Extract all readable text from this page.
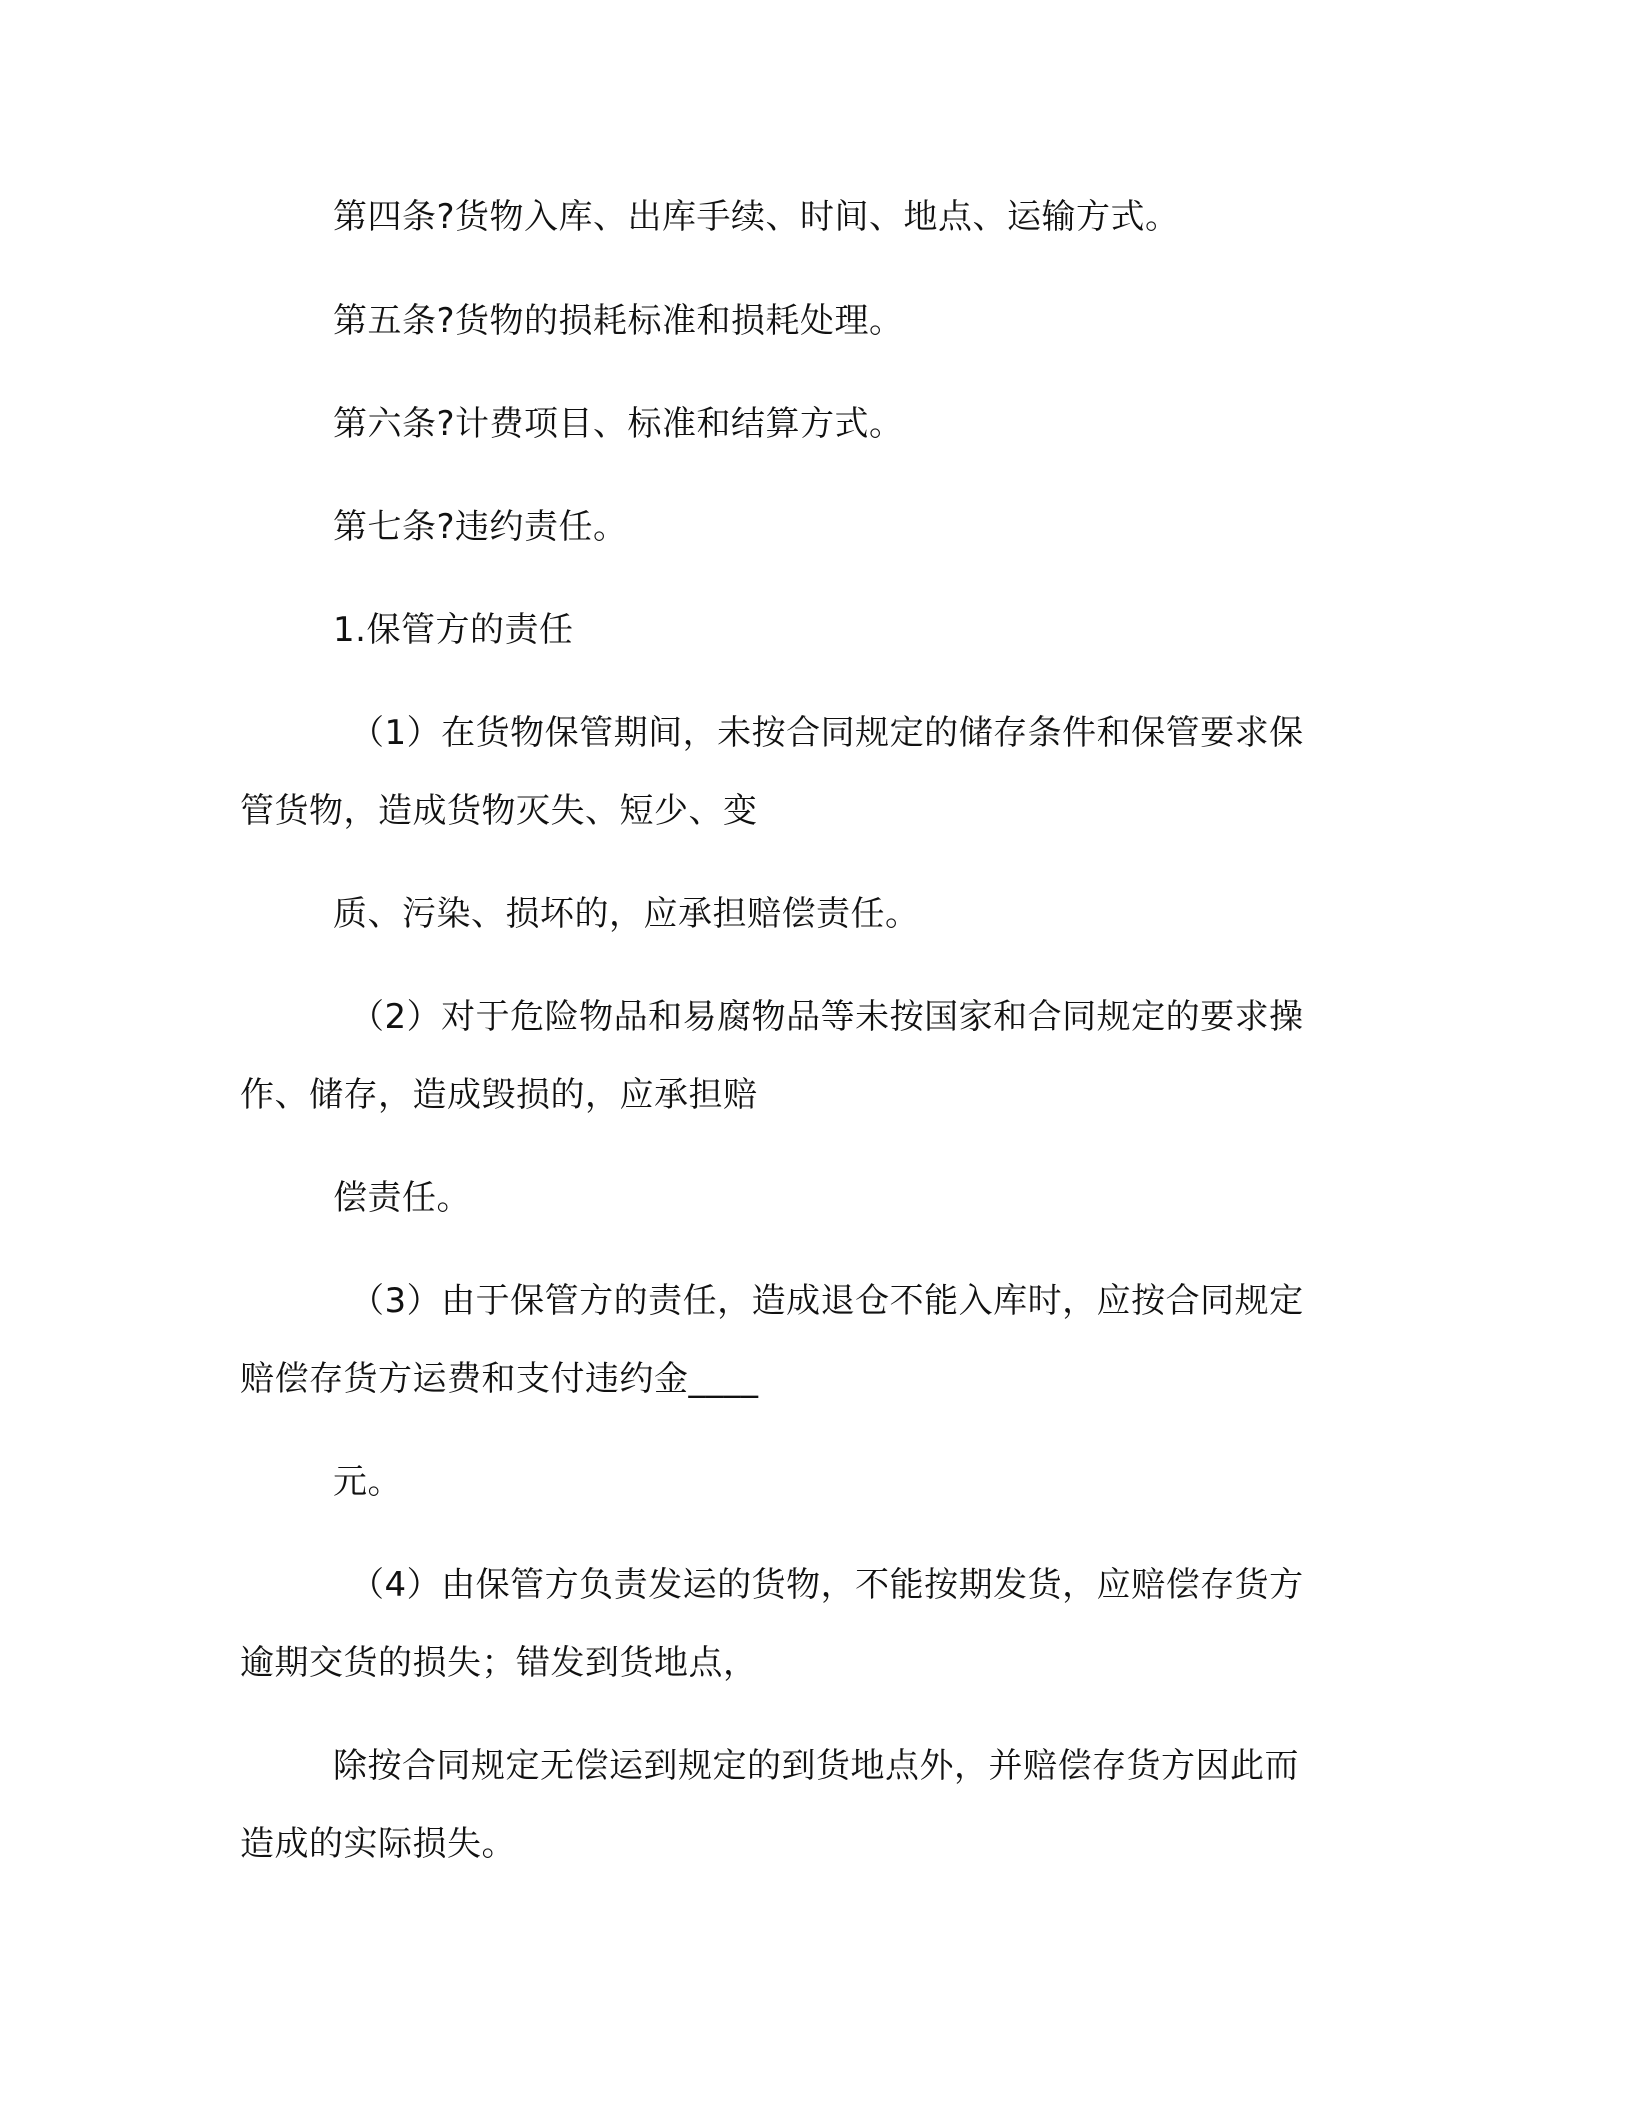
第四条?货物入库、出库手续、时间、地点、运输方式。
第五条?货物的损耗标准和损耗处理。
第六条?计费项目、标准和结算方式。
第七条?违约责任。
1.保管方的责任
（1）在货物保管期间，未按合同规定的储存条件和保管要求保
管货物，造成货物灭失、短少、变
质、污染、损坏的，应承担赔偿责任。
（2）对于危险物品和易腐物品等未按国家和合同规定的要求操
作、储存，造成毁损的，应承担赔
偿责任。
（3）由于保管方的责任，造成退仓不能入库时，应按合同规定
赔偿存货方运费和支付违约金____
元。
（4）由保管方负责发运的货物，不能按期发货，应赔偿存货方
逾期交货的损失；错发到货地点，
除按合同规定无偿运到规定的到货地点外，并赔偿存货方因此而
造成的实际损失。
